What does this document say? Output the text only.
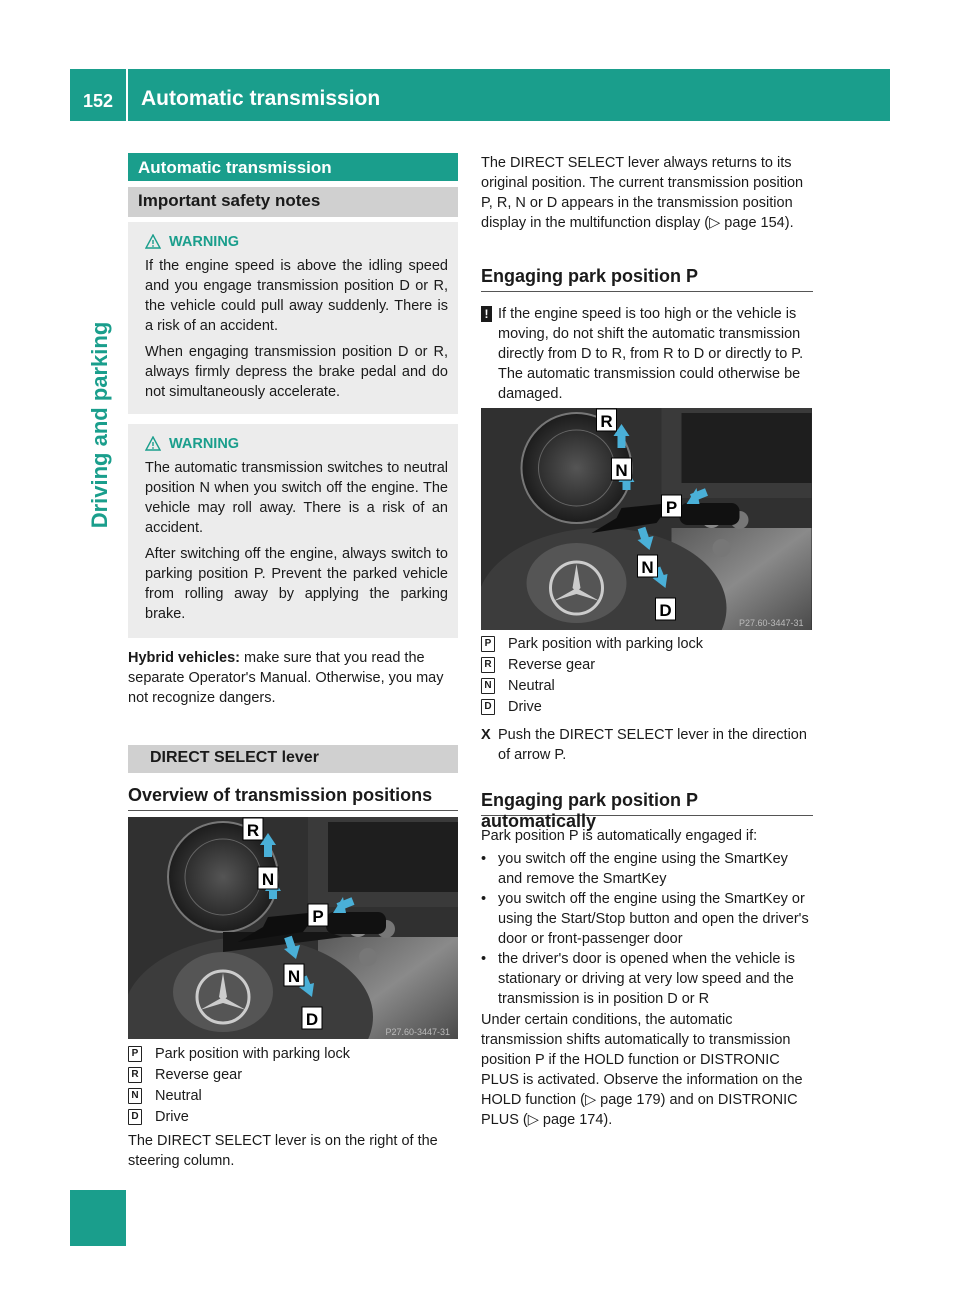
152	Automatic transmission
Driving and parking
Automatic transmission
Important safety notes
WARNING

If the engine speed is above the idling speed and you engage transmission position D or R, the vehicle could pull away suddenly. There is a risk of an accident.

When engaging transmission position D or R, always firmly depress the brake pedal and do not simultaneously accelerate.

WARNING

The automatic transmission switches to neutral position N when you switch off the engine. The vehicle may roll away. There is a risk of an accident.

After switching off the engine, always switch to parking position P. Prevent the parked vehicle from rolling away by applying the parking brake.

Hybrid vehicles: make sure that you read the separate Operator's Manual. Otherwise, you may not recognize dangers.
DIRECT SELECT lever
Overview of transmission positions
R
N
P
N
D
P27.60-3447-31
P Park position with parking lock
R Reverse gear
N Neutral
D Drive
The DIRECT SELECT lever is on the right of the steering column.
The DIRECT SELECT lever always returns to its original position. The current transmission position P, R, N or D appears in the transmission position display in the multifunction display (▷ page 154).
Engaging park position P
! If the engine speed is too high or the vehicle is moving, do not shift the automatic transmission directly from D to R, from R to D or directly to P. The automatic transmission could otherwise be damaged.
R
N
P
N
D
P27.60-3447-31
P Park position with parking lock
R Reverse gear
N Neutral
D Drive
X Push the DIRECT SELECT lever in the direction of arrow P.
Engaging park position P automatically
Park position P is automatically engaged if:
• you switch off the engine using the SmartKey and remove the SmartKey
• you switch off the engine using the SmartKey or using the Start/Stop button and open the driver's door or front-passenger door
• the driver's door is opened when the vehicle is stationary or driving at very low speed and the transmission is in position D or R
Under certain conditions, the automatic transmission shifts automatically to transmission position P if the HOLD function or DISTRONIC PLUS is activated. Observe the information on the HOLD function (▷ page 179) and on DISTRONIC PLUS (▷ page 174).
